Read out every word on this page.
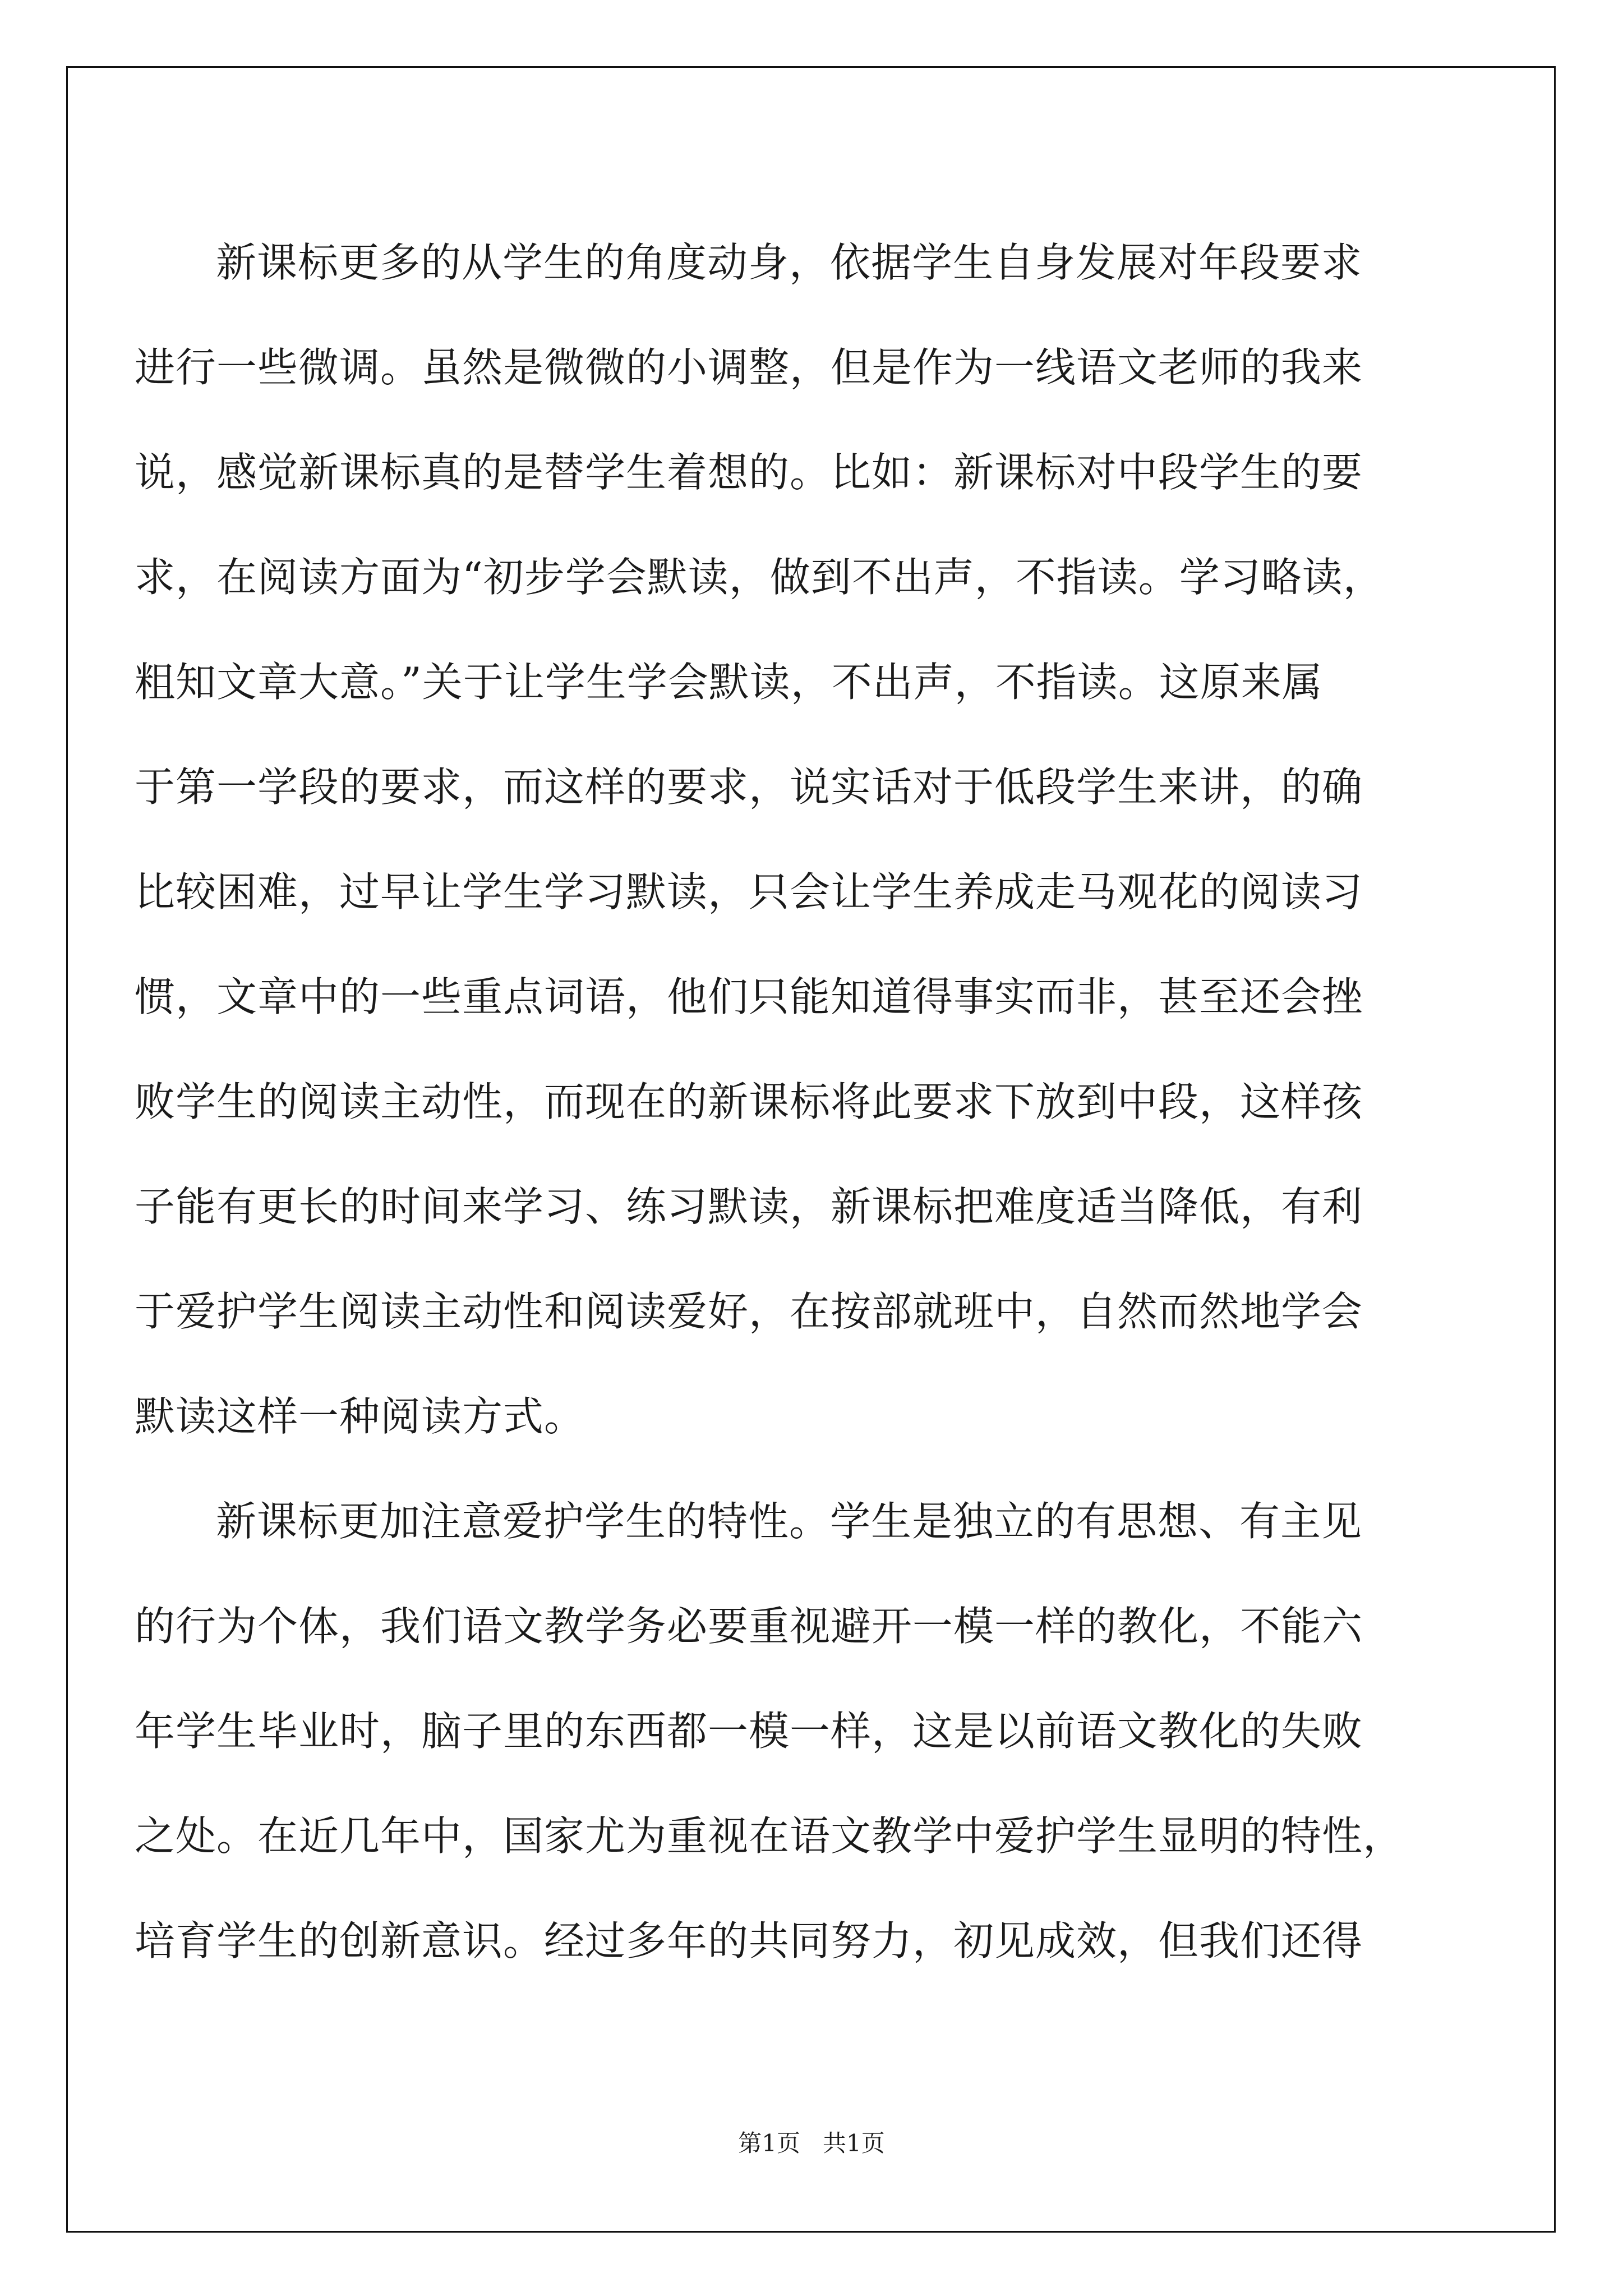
新课标更多的从学生的角度动身，依据学生自身发展对年段要求
进行一些微调。虽然是微微的小调整，但是作为一线语文老师的我来
说，感觉新课标真的是替学生着想的。比如：新课标对中段学生的要
求，在阅读方面为“初步学会默读，做到不出声，不指读。学习略读，
粗知文章大意。”关于让学生学会默读，不出声，不指读。这原来属
于第一学段的要求，而这样的要求，说实话对于低段学生来讲，的确
比较困难，过早让学生学习默读，只会让学生养成走马观花的阅读习
惯，文章中的一些重点词语，他们只能知道得事实而非，甚至还会挫
败学生的阅读主动性，而现在的新课标将此要求下放到中段，这样孩
子能有更长的时间来学习、练习默读，新课标把难度适当降低，有利
于爱护学生阅读主动性和阅读爱好，在按部就班中，自然而然地学会
默读这样一种阅读方式。
新课标更加注意爱护学生的特性。学生是独立的有思想、有主见
的行为个体，我们语文教学务必要重视避开一模一样的教化，不能六
年学生毕业时，脑子里的东西都一模一样，这是以前语文教化的失败
之处。在近几年中，国家尤为重视在语文教学中爱护学生显明的特性，
培育学生的创新意识。经过多年的共同努力，初见成效，但我们还得
第1页   共1页
